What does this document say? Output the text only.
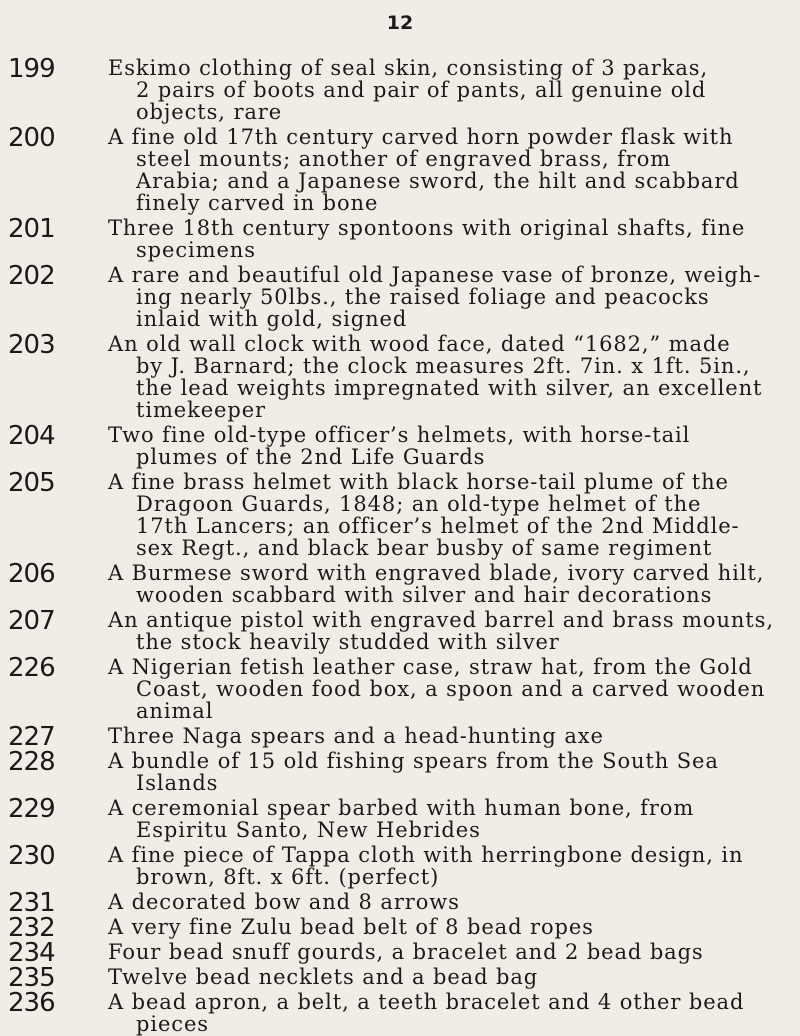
12
199	Eskimo clothing of seal skin, consisting of 3 parkas,
2 pairs of boots and pair of pants, all genuine old
objects, rare
200	A fine old 17th century carved horn powder flask with
steel mounts; another of engraved brass, from
Arabia; and a Japanese sword, the hilt and scabbard
finely carved in bone
201	Three 18th century spontoons with original shafts, fine
specimens
202	A rare and beautiful old Japanese vase of bronze, weigh-
ing nearly 50lbs., the raised foliage and peacocks
inlaid with gold, signed
203	An old wall clock with wood face, dated “1682,” made
by J. Barnard; the clock measures 2ft. 7in. x 1ft. 5in.,
the lead weights impregnated with silver, an excellent
timekeeper
204	Two fine old-type officer’s helmets, with horse-tail
plumes of the 2nd Life Guards
205	A fine brass helmet with black horse-tail plume of the
Dragoon Guards, 1848; an old-type helmet of the
17th Lancers; an officer’s helmet of the 2nd Middle-
sex Regt., and black bear busby of same regiment
206	A Burmese sword with engraved blade, ivory carved hilt,
wooden scabbard with silver and hair decorations
207	An antique pistol with engraved barrel and brass mounts,
the stock heavily studded with silver
226	A Nigerian fetish leather case, straw hat, from the Gold
Coast, wooden food box, a spoon and a carved wooden
animal
227	Three Naga spears and a head-hunting axe
228	A bundle of 15 old fishing spears from the South Sea
Islands
229	A ceremonial spear barbed with human bone, from
Espiritu Santo, New Hebrides
230	A fine piece of Tappa cloth with herringbone design, in
brown, 8ft. x 6ft. (perfect)
231	A decorated bow and 8 arrows
232	A very fine Zulu bead belt of 8 bead ropes
234	Four bead snuff gourds, a bracelet and 2 bead bags
235	Twelve bead necklets and a bead bag
236	A bead apron, a belt, a teeth bracelet and 4 other bead
pieces
